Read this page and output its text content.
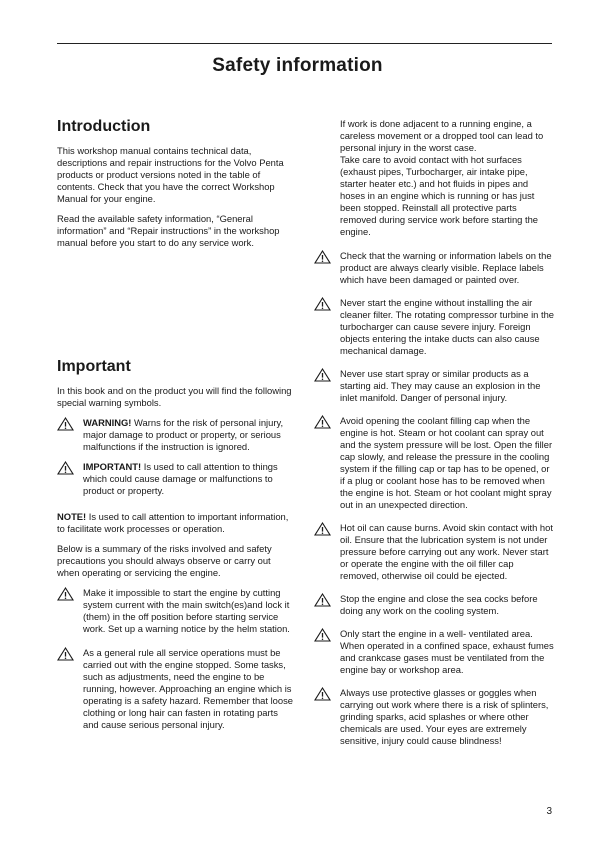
Safety information
Introduction

This workshop manual contains technical data, descriptions and repair instructions for the Volvo Penta products or product versions noted in the table of contents. Check that you have the correct Workshop Manual for your engine.

Read the available safety information, “General information” and “Repair instructions” in the workshop manual before you start to do any service work.

Important

In this book and on the product you will find the following special warning symbols.

WARNING! Warns for the risk of personal injury, major damage to product or property, or serious malfunctions if the instruction is ignored.
IMPORTANT! Is used to call attention to things which could cause damage or malfunctions to product or property.

NOTE! Is used to call attention to important information, to facilitate work processes or operation.

Below is a summary of the risks involved and safety precautions you should always observe or carry out when operating or servicing the engine.

Make it impossible to start the engine by cutting system current with the main switch(es)and lock it (them) in the off position before starting service work. Set up a warning notice by the helm station.
As a general rule all service operations must be carried out with the engine stopped. Some tasks, such as adjustments, need the engine to be running, however. Approaching an engine which is operating is a safety hazard. Remember that loose clothing or long hair can fasten in rotating parts and cause serious personal injury.
If work is done adjacent to a running engine, a careless movement or a dropped tool can lead to personal injury in the worst case.
Take care to avoid contact with hot surfaces (exhaust pipes, Turbocharger, air intake pipe, starter heater etc.) and hot fluids in pipes and hoses in an engine which is running or has just been stopped. Reinstall all protective parts removed during service work before starting the engine.
Check that the warning or information labels on the product are always clearly visible. Replace labels which have been damaged or painted over.
Never start the engine without installing the air cleaner filter. The rotating compressor turbine in the turbocharger can cause severe injury. Foreign objects entering the intake ducts can also cause mechanical damage.
Never use start spray or similar products as a starting aid. They may cause an explosion in the inlet manifold. Danger of personal injury.
Avoid opening the coolant filling cap when the engine is hot. Steam or hot coolant can spray out and the system pressure will be lost. Open the filler cap slowly, and release the pressure in the cooling system if the filling cap or tap has to be opened, or if a plug or coolant hose has to be removed when the engine is hot. Steam or hot coolant might spray out in an unexpected direction.
Hot oil can cause burns. Avoid skin contact with hot oil. Ensure that the lubrication system is not under pressure before carrying out any work. Never start or operate the engine with the oil filler cap removed, otherwise oil could be ejected.
Stop the engine and close the sea cocks before doing any work on the cooling system.
Only start the engine in a well- ventilated area. When operated in a confined space, exhaust fumes and crankcase gases must be ventilated from the engine bay or workshop area.
Always use protective glasses or goggles when carrying out work where there is a risk of splinters, grinding sparks, acid splashes or where other chemicals are used. Your eyes are extremely sensitive, injury could cause blindness!
3
